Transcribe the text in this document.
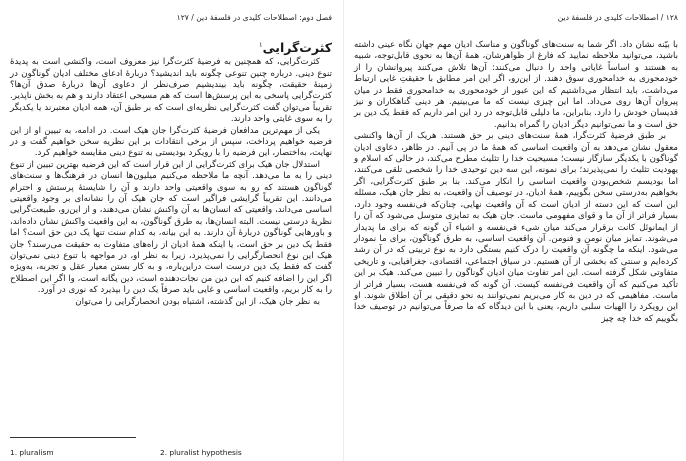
فصل دوم: اصطلاحات کلیدی در فلسفۀ دین / ۱۲۷
کثرت‌گرایی$^۱$

کثرت‌گرایی، که همچنین به فرضیۀ کثرت‌گرا نیز معروف است، واکنشی است به پدیدۀ تنوع دینی. درباره چنین تنوعی چگونه باید اندیشید؟ دربارۀ ادعای مختلف ادیان گوناگون در زمینۀ حقیقت، چگونه باید بیندیشیم صرف‌نظر از دعاوی آن‌ها دربارۀ صدق آن‌ها؟ کثرت‌گرایی پاسخی به این پرسش‌ها است که هم مسیحی اعتقاد دارند و هم به بخش ناپذیر. تقریباً می‌توان گفت کثرت‌گرایی نظریه‌ای است که بر طبق آن، همه ادیان معتبرند یا یکدیگر را به سوی غایتی واحد دارند.

یکی از مهم‌ترین مدافعان فرضیۀ کثرت‌گرا جان هیک است. در ادامه، به تبیین او از این فرضیه خواهیم پرداخت، سپس از برخی انتقادات بر این نظریه سخن خواهیم گفت و در نهایت، به‌اختصار، این فرضیه را با رویکرد بودیستی به تنوع دینی مقایسه خواهیم کرد.

استدلال جان هیک برای کثرت‌گرایی از این قرار است که این فرضیه بهترین تبیین از تنوع دینی را به ما می‌دهد. آنچه ما ملاحظه می‌کنیم میلیون‌ها انسان در فرهنگ‌ها و سنت‌های گوناگون هستند که رو به سوی واقعیتی واحد دارند و آن را شایستۀ پرستش و احترام می‌دانند. این تقریباً گرایشی فراگیر است که جان هیک آن را نشانه‌ای بر وجود واقعیتی اساسی می‌داند، واقعیتی که انسان‌ها به آن واکنش نشان می‌دهند، و از این‌رو، طبیعت‌گرایی نظریۀ درستی نیست. البته انسان‌ها، به طرق گوناگون، به این واقعیت واکنش نشان داده‌اند، و باورهایی گوناگون دربارۀ آن دارند. به این بیانه، به کدام سنت تنها یک دین حق است؟ اما فقط یک دین بر حق است، یا اینکه همۀ ادیان از راه‌های متفاوت به حقیقت می‌رسند؟ جان هیک این نوع انحصارگرایی را نمی‌پذیرد، زیرا به نظر او، در مواجهه با تنوع دینی نمی‌توان گفت که فقط یک دین درست است دراین‌باره، و به کار بستن معیار عقل و تجربه، به‌ویژه اگر این را اضافه کنیم که این دین من نجات‌دهنده است، دین یگانه است، وا اگر این اصطلاح را به کار بریم، واقعیت اساسی و غایی باید صرفاً یک دین را بپذیرد که نوری در آورد.

به نظر جان هیک، از این گذشته، اشتباه بودن انحصارگرایی را می‌توان

1. pluralism	2. pluralist hypothesis
۱۲۸ / اصطلاحات کلیدی در فلسفۀ دین

با بیّنه نشان داد. اگر شما به سنت‌های گوناگون و مناسک ادیان مهم جهان نگاه عینی داشته باشید، می‌توانید ملاحظه نمایید که فارغ از ظواهرشان، همۀ آن‌ها به نحوی قابل‌توجه، شبیه به هستند و اساساً غایاتی واحد را دنبال می‌کنند: آن‌ها تلاش می‌کنند پیروانشان را از خودمحوری به خدامحوری سوق دهند. از این‌رو، اگر این امر مطابق با حقیقتِ غایی ارتباط می‌داشت، باید انتظار می‌داشتیم که این عبور از خودمحوری به خدامحوری فقط در میان پیروان آن‌ها روی می‌داد. اما این چیزی نیست که ما می‌بینیم. هر دینی گناهکاران و نیز قدیسان خودش را دارد. بنابراین، ما دلیلی قابل‌توجه در رد این امر داریم که فقط یک دین بر حق است و ما نمی‌توانیم دیگر ادیان را گمراه بدانیم.

بر طبق فرضیۀ کثرت‌گرا، همۀ سنت‌های دینی بر حق هستند. هریک از آن‌ها واکنشی معقول نشان می‌دهد به آن واقعیت اساسی که همۀ ما در پی آنیم. در ظاهر، دعاوی ادیان گوناگون با یکدیگر سازگار نیست؛ مسیحیت خدا را تثلیث مطرح می‌کند، در حالی که اسلام و یهودیت تثلیث را نمی‌پذیرند؛ برای نمونه، این سه دین توحیدی خدا را شخصی تلقی می‌کنند، اما بودیسم شخص‌بودن واقعیت اساسی را انکار می‌کند. بنا بر طبق کثرت‌گرایی، اگر بخواهیم به‌درستی سخن بگوییم، همۀ ادیان، در توصیف آن واقعیت، به نظر جان هیک، مسئله این است که این دسته از ادیان است که آن واقعیت نهایی، چنان‌که فی‌نفسه وجود دارد، بسیار فراتر از آن ما و قوای مفهومی ماست. جان هیک به تمایزی متوسل می‌شود که آن را از ایمانوئل کانت برقرار می‌کند میان شیء فی‌نفسه و اشیاء آن گونه که برای ما پدیدار می‌شوند. تمایز میان نومن و فنومن. آن واقعیت اساسی، به طرق گوناگون، برای ما نمودار می‌شود. اینکه ما چگونه آن واقعیت را درک کنیم بستگی دارد به نوع تربیتی که در آن رشد کرده‌ایم و سنتی که بخشی از آن هستیم. در سیاق اجتماعی، اقتصادی، جغرافیایی، و تاریخی متفاوتی شکل گرفته است. این امر تفاوت میان ادیان گوناگون را تبیین می‌کند. هیک بر این تأکید می‌کنیم که آن واقعیت فی‌نفسه کیست. آن گونه که فی‌نفسه هست، بسیار فراتر از ماست. مفاهیمی که در دین به کار می‌بریم نمی‌توانند به نحو دقیقی بر آن اطلاق شوند. او این رویکرد را الهیات سلبی داریم، یعنی با این دیدگاه که ما صرفاً می‌توانیم در توصیف خدا بگوییم که خدا چه چیز
